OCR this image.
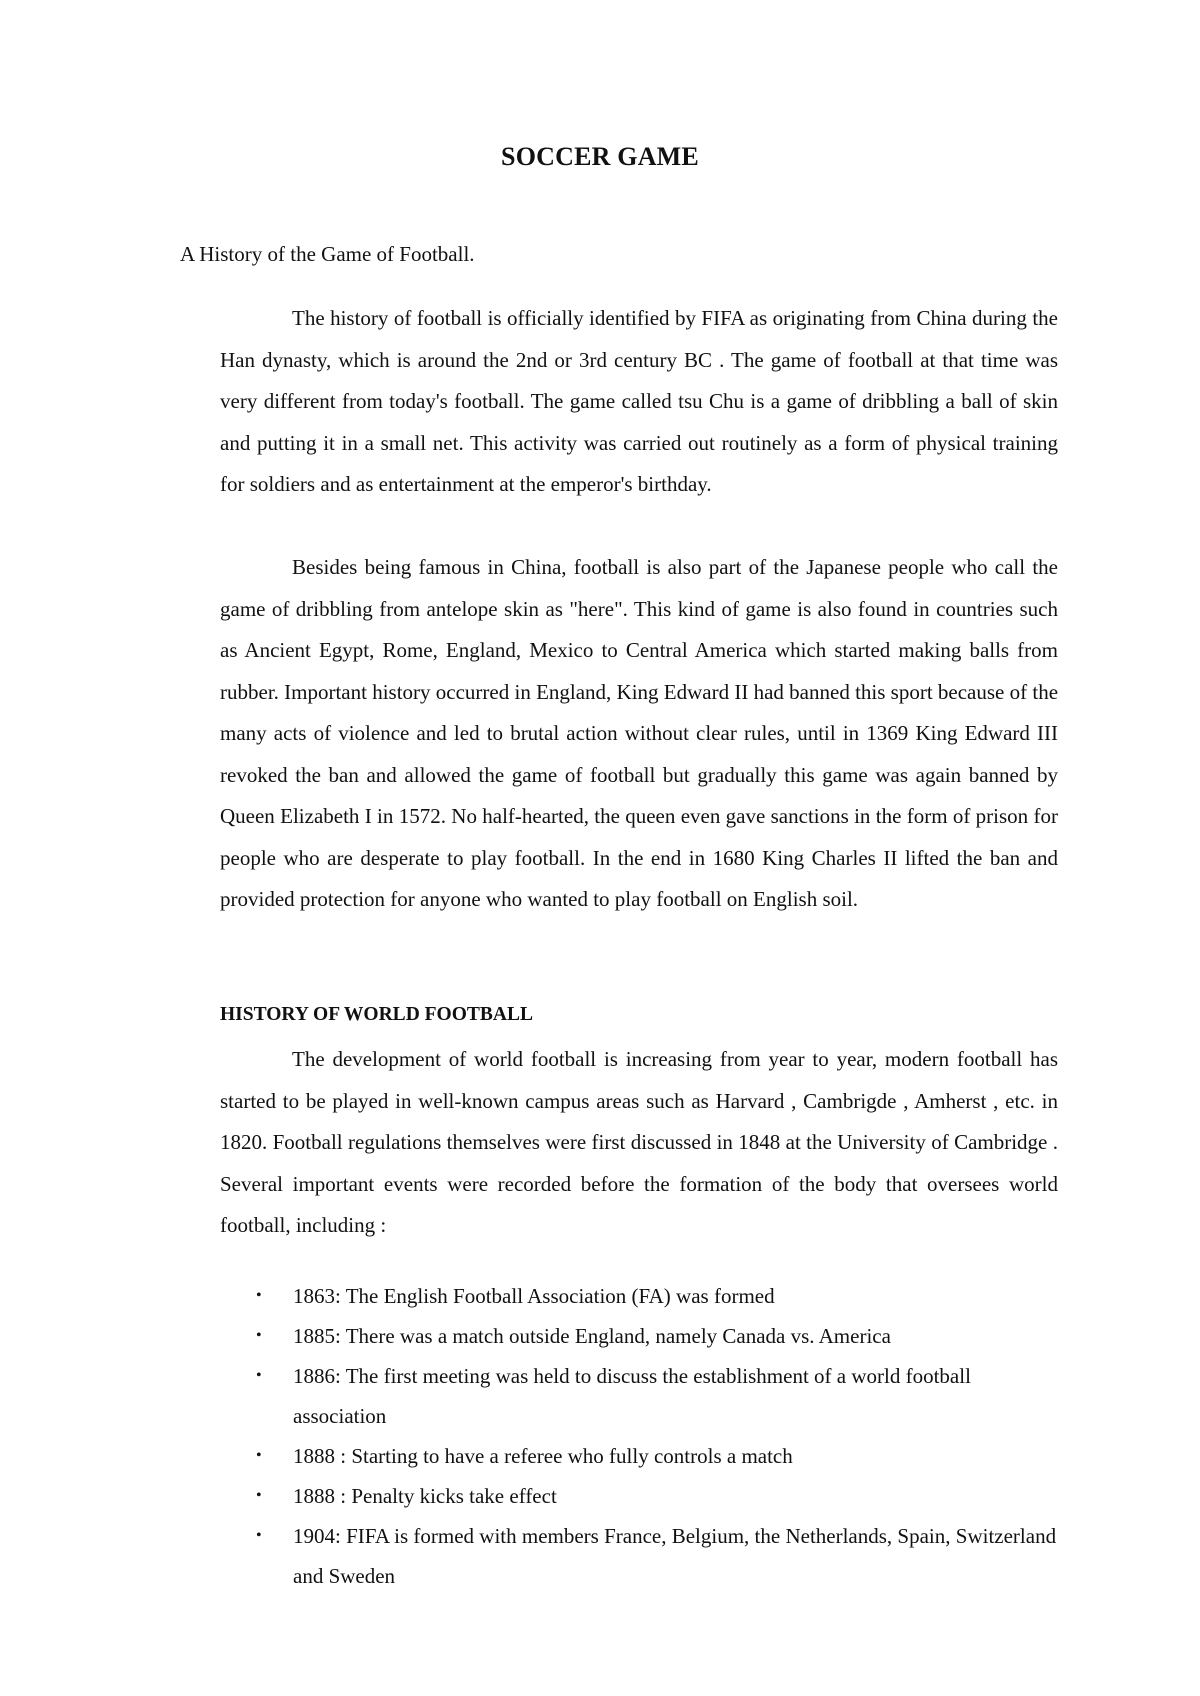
SOCCER GAME
A History of the Game of Football.

The history of football is officially identified by FIFA as originating from China during the Han dynasty, which is around the 2nd or 3rd century BC . The game of football at that time was very different from today's football. The game called tsu Chu is a game of dribbling a ball of skin and putting it in a small net. This activity was carried out routinely as a form of physical training for soldiers and as entertainment at the emperor's birthday.

Besides being famous in China, football is also part of the Japanese people who call the game of dribbling from antelope skin as "here". This kind of game is also found in countries such as Ancient Egypt, Rome, England, Mexico to Central America which started making balls from rubber. Important history occurred in England, King Edward II had banned this sport because of the many acts of violence and led to brutal action without clear rules, until in 1369 King Edward III revoked the ban and allowed the game of football but gradually this game was again banned by Queen Elizabeth I in 1572. No half-hearted, the queen even gave sanctions in the form of prison for people who are desperate to play football. In the end in 1680 King Charles II lifted the ban and provided protection for anyone who wanted to play football on English soil.

HISTORY OF WORLD FOOTBALL

The development of world football is increasing from year to year, modern football has started to be played in well-known campus areas such as Harvard , Cambrigde , Amherst , etc. in 1820. Football regulations themselves were first discussed in 1848 at the University of Cambridge . Several important events were recorded before the formation of the body that oversees world football, including :

• 1863: The English Football Association (FA) was formed
• 1885: There was a match outside England, namely Canada vs. America
• 1886: The first meeting was held to discuss the establishment of a world football association
• 1888 : Starting to have a referee who fully controls a match
• 1888 : Penalty kicks take effect
• 1904: FIFA is formed with members France, Belgium, the Netherlands, Spain, Switzerland and Sweden
